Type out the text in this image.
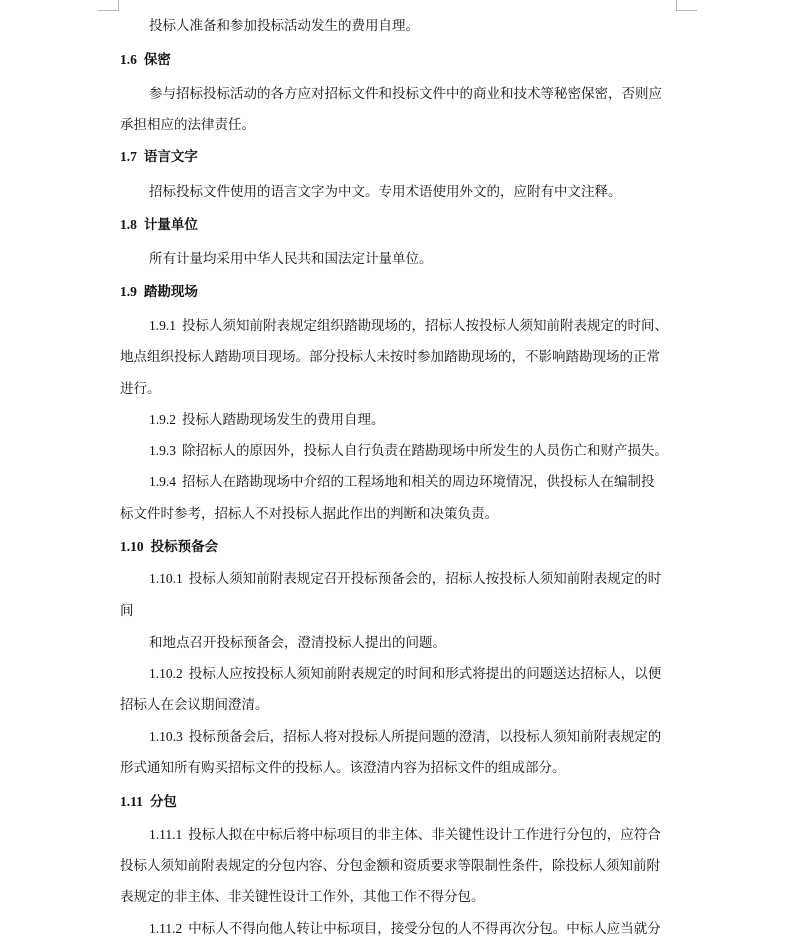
投标人准备和参加投标活动发生的费用自理。
1.6 保密
参与招标投标活动的各方应对招标文件和投标文件中的商业和技术等秘密保密，否则应
承担相应的法律责任。
1.7 语言文字
招标投标文件使用的语言文字为中文。专用术语使用外文的，应附有中文注释。
1.8 计量单位
所有计量均采用中华人民共和国法定计量单位。
1.9 踏勘现场
1.9.1 投标人须知前附表规定组织踏勘现场的，招标人按投标人须知前附表规定的时间、
地点组织投标人踏勘项目现场。部分投标人未按时参加踏勘现场的，不影响踏勘现场的正常
进行。
1.9.2 投标人踏勘现场发生的费用自理。
1.9.3 除招标人的原因外，投标人自行负责在踏勘现场中所发生的人员伤亡和财产损失。
1.9.4 招标人在踏勘现场中介绍的工程场地和相关的周边环境情况，供投标人在编制投
标文件时参考，招标人不对投标人据此作出的判断和决策负责。
1.10 投标预备会
1.10.1 投标人须知前附表规定召开投标预备会的，招标人按投标人须知前附表规定的时
间
和地点召开投标预备会，澄清投标人提出的问题。
1.10.2 投标人应按投标人须知前附表规定的时间和形式将提出的问题送达招标人，以便
招标人在会议期间澄清。
1.10.3 投标预备会后，招标人将对投标人所提问题的澄清，以投标人须知前附表规定的
形式通知所有购买招标文件的投标人。该澄清内容为招标文件的组成部分。
1.11 分包
1.11.1 投标人拟在中标后将中标项目的非主体、非关键性设计工作进行分包的，应符合
投标人须知前附表规定的分包内容、分包金额和资质要求等限制性条件，除投标人须知前附
表规定的非主体、非关键性设计工作外，其他工作不得分包。
1.11.2 中标人不得向他人转让中标项目，接受分包的人不得再次分包。中标人应当就分
